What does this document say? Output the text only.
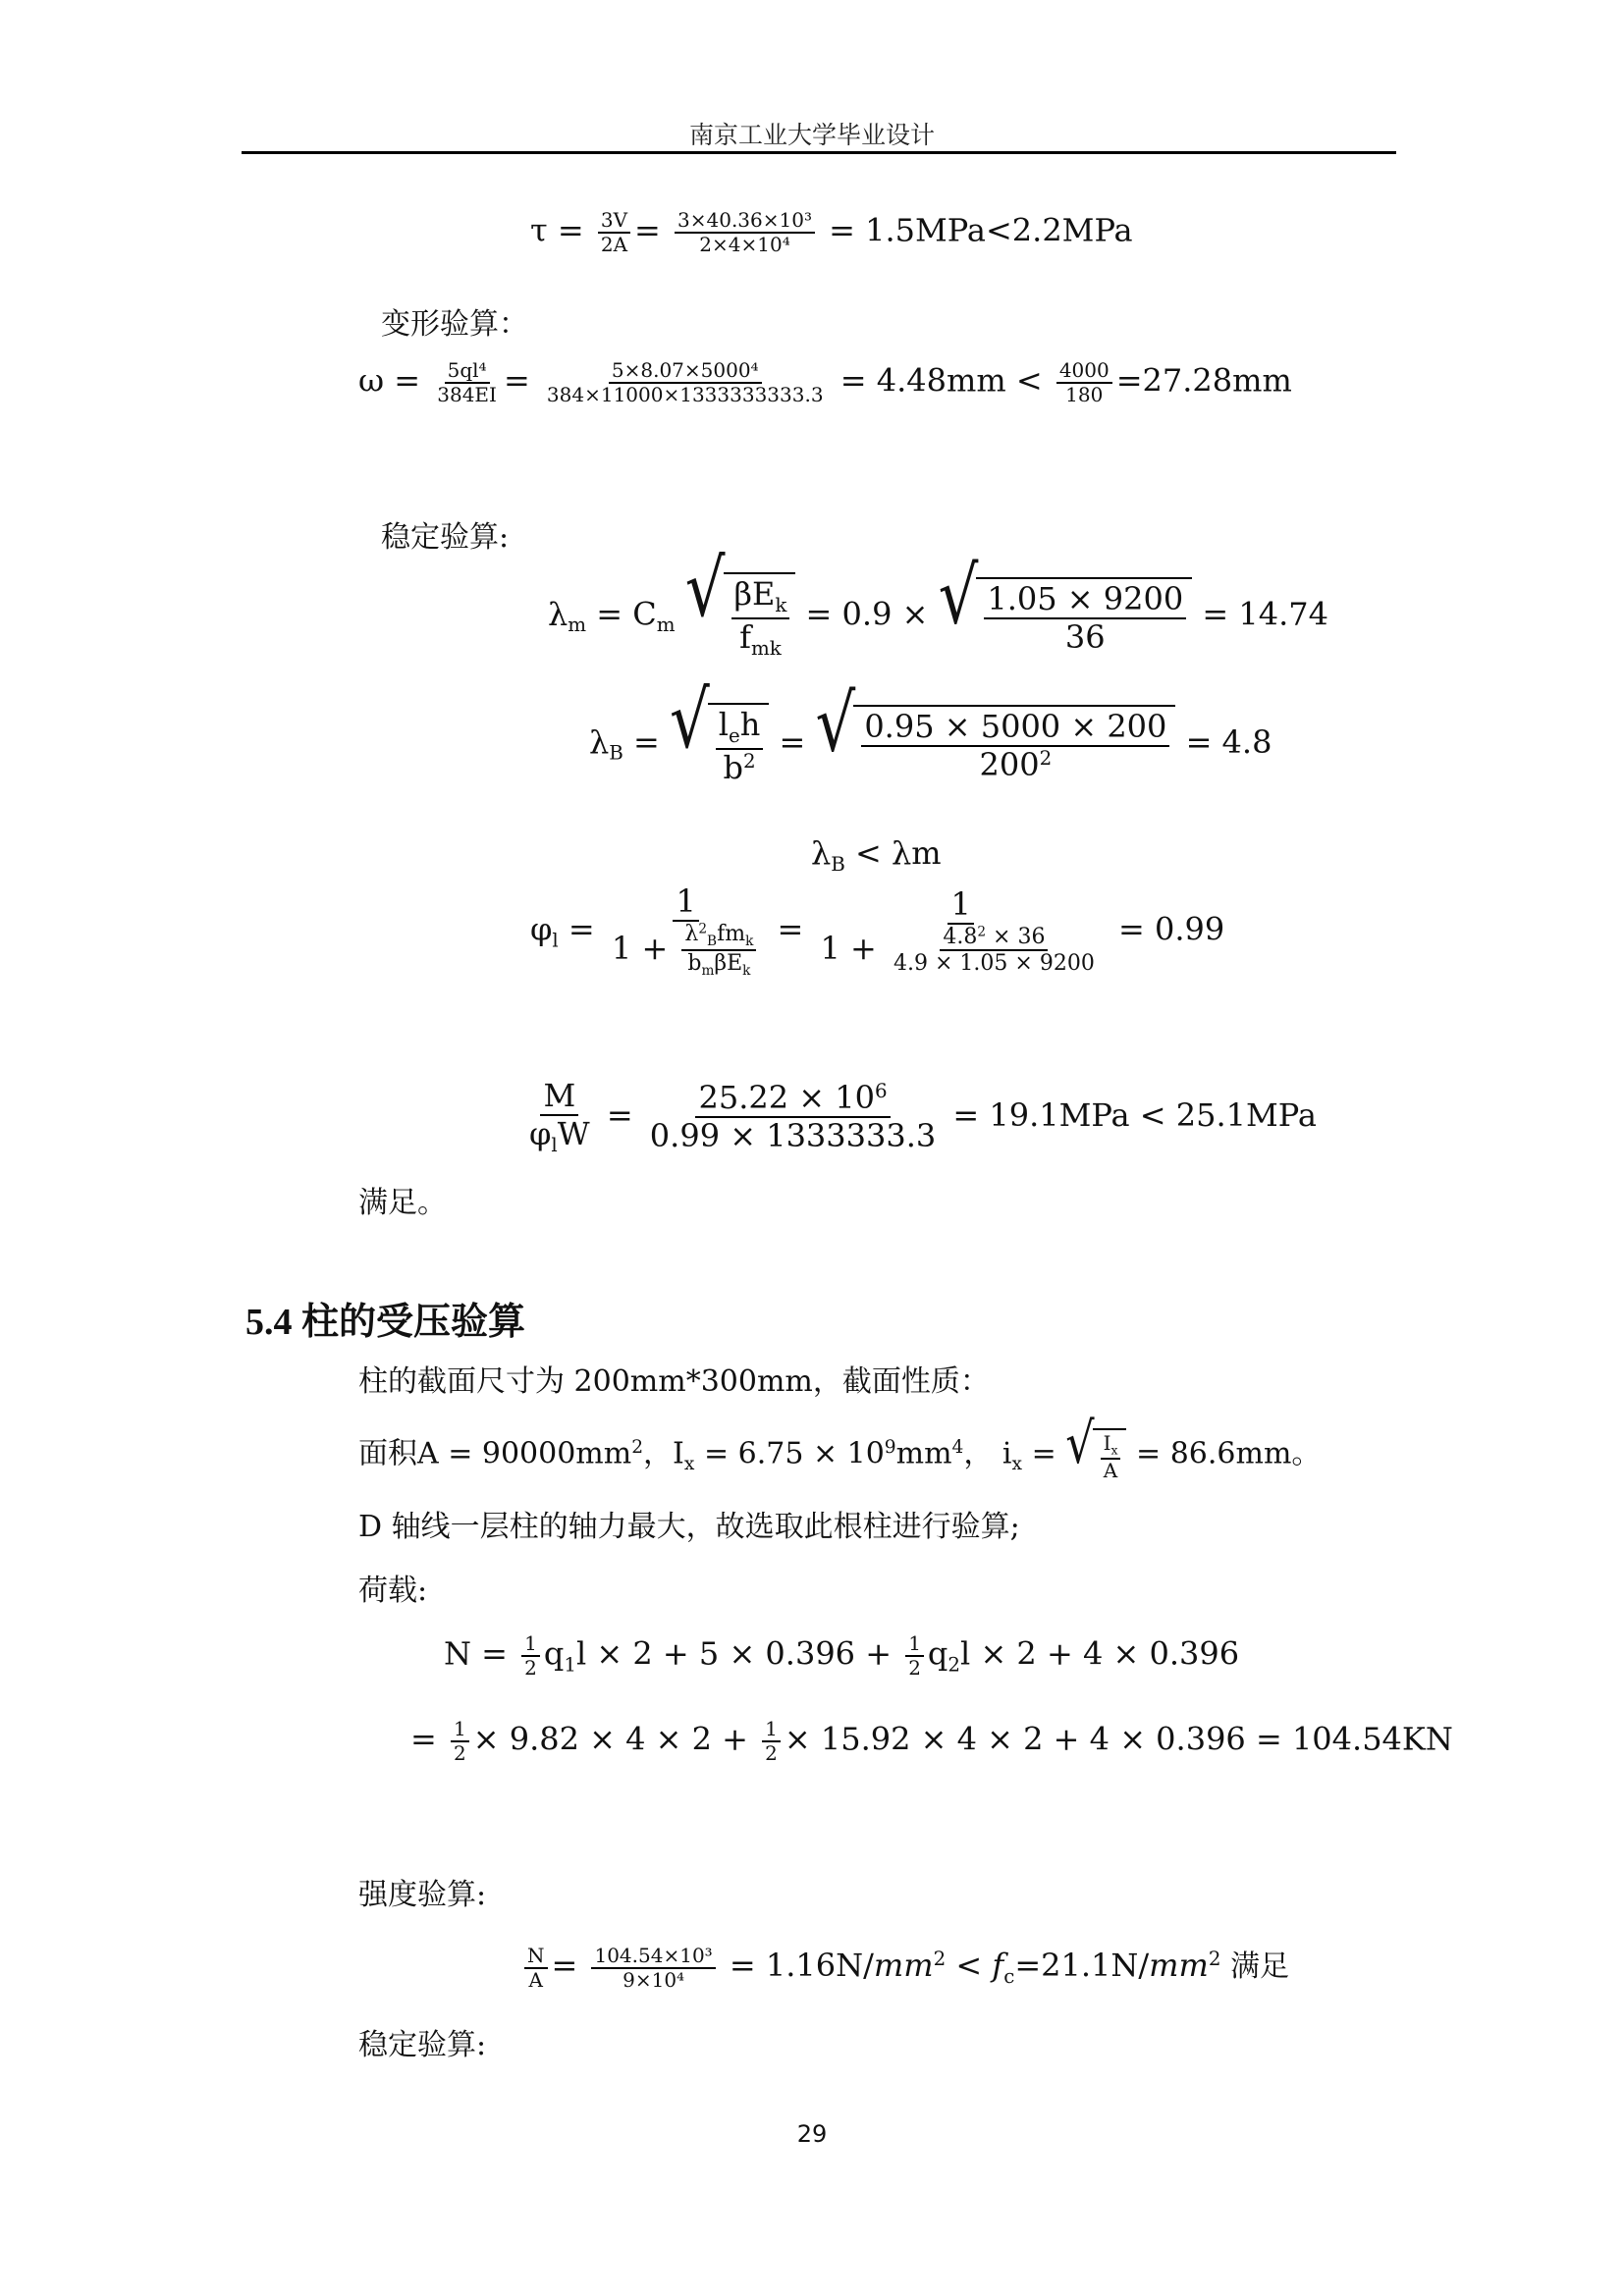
南京工业大学毕业设计
$\tau = \frac{3V}{2A} = \frac{\text{3×40.36×10³}}{\text{2×4×10⁴}} = 1.5MPa<2.2MPa$
变形验算：
$\omega = \frac{\text{5ql⁴}}{384EI} = \frac{\text{5×8.07×5000⁴}}{384\times 11000\times 1333333333.3} = 4.48mm < \frac{4000}{180} =27.28mm$
稳定验算:
$\lambda_m = C_m$ √ $\beta E_k$
$f_{mk}$
= 0.9 × √ 1.05 × 9200
36
= 14.74
$\lambda_B$ = √ $l_eh$
$b^2$
= √ 0.95 × 5000 × 200
$200^2$	= 4.8
$\lambda_B < \lambda m$
$\varphi_l$ =
1
$1 + \lambda^2_Bfm_k$
$b_m\beta E_k$
= $\frac{1}{1 + \frac{4.8^2 \times 36}{4.9 \times 1.05 \times 9200}} = 0.99$
M
$\varphi_lW$
= $\frac{25.22 \times 10^6}{0.99 \times 1333333.3} = 19.1MPa < 25.1MPa$
满足。
5.4 柱的受压验算
柱的截面尺寸为 200mm*300mm，截面性质：
面积$A = 90000mm^2$，$I_x = 6.75 \times 10^9mm^4$， $i_x$ = √ $I_x$
A = 86.6mm。
D 轴线一层柱的轴力最大，故选取此根柱进行验算;
荷载:
$N = \frac{1}{2} q_1l \times 2 + 5 \times 0.396 + \frac{1}{2} q_2l \times 2 + 4 \times 0.396$
= $\frac{1}{2} \times 9.82 \times 4 \times 2 + \frac{1}{2} \times 15.92 \times 4 \times 2 + 4 \times 0.396 = 104.54KN$
强度验算:
$\frac{N}{A} = \frac{\text{104.54×10³}}{\text{9×10⁴}} = 1.16N/mm^2 < f_c=21.1N/mm^2$ 满足
稳定验算:
29
